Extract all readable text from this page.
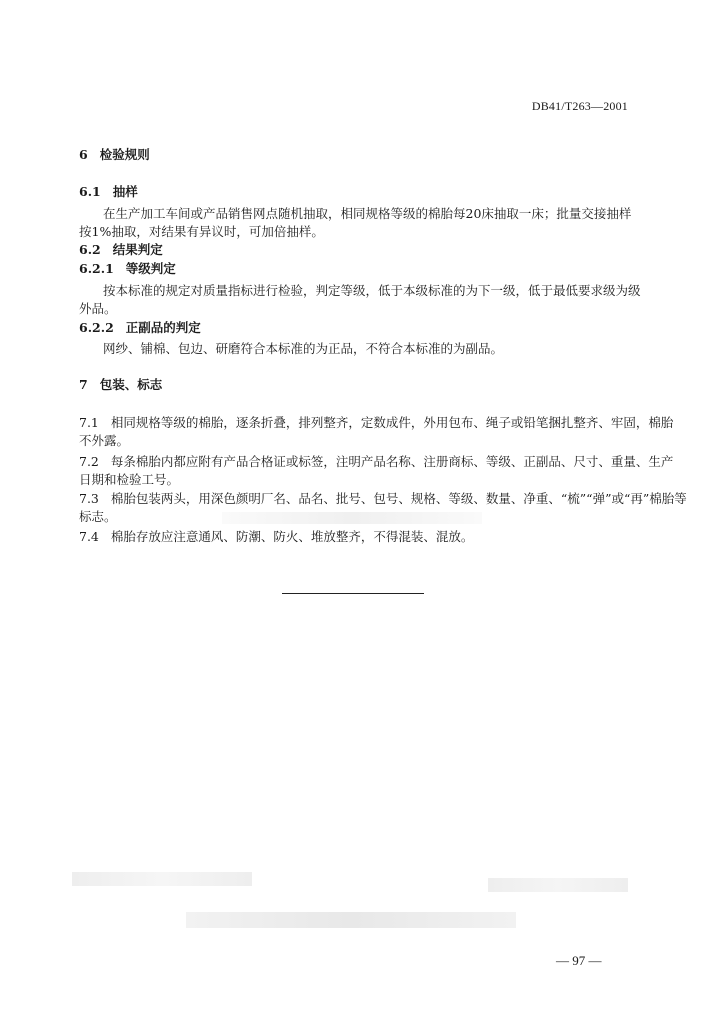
DB41/T263—2001
6 检验规则
6.1 抽样
在生产加工车间或产品销售网点随机抽取，相同规格等级的棉胎每20床抽取一床；批量交接抽样
按1%抽取，对结果有异议时，可加倍抽样。
6.2 结果判定
6.2.1 等级判定
按本标准的规定对质量指标进行检验，判定等级，低于本级标准的为下一级，低于最低要求级为级
外品。
6.2.2 正副品的判定
网纱、铺棉、包边、研磨符合本标准的为正品，不符合本标准的为副品。
7 包装、标志
7.1 相同规格等级的棉胎，逐条折叠，排列整齐，定数成件，外用包布、绳子或铅笔捆扎整齐、牢固，棉胎
不外露。
7.2 每条棉胎内都应附有产品合格证或标签，注明产品名称、注册商标、等级、正副品、尺寸、重量、生产
日期和检验工号。
7.3 棉胎包装两头，用深色颜明厂名、品名、批号、包号、规格、等级、数量、净重、“梳”“弹”或“再”棉胎等
标志。
7.4 棉胎存放应注意通风、防潮、防火、堆放整齐，不得混装、混放。
— 97 —
